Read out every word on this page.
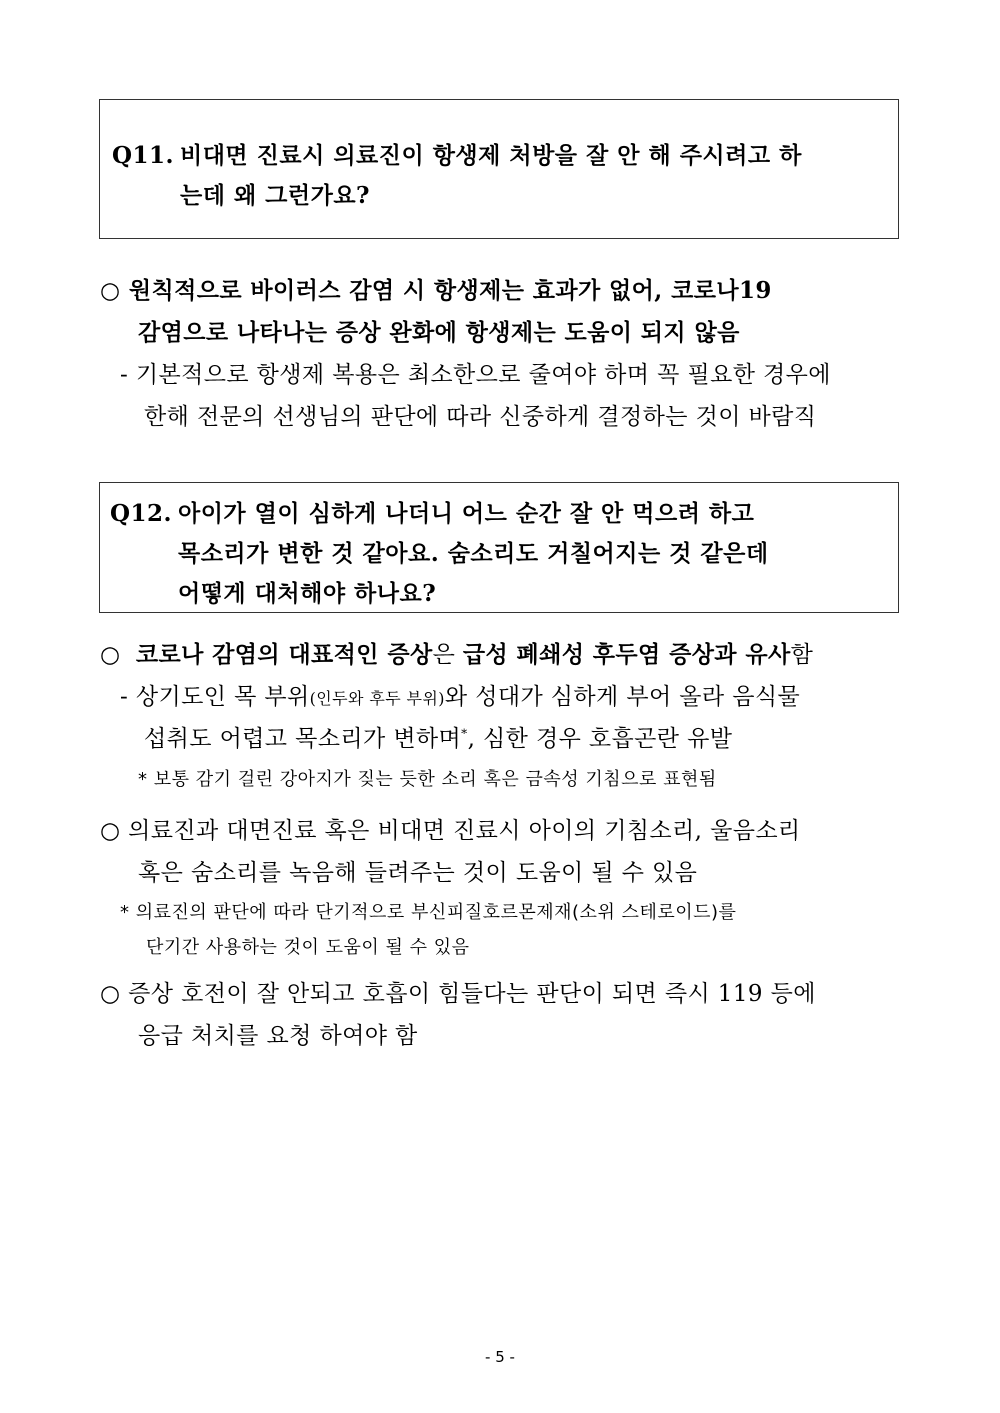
Q11. 비대면 진료시 의료진이 항생제 처방을 잘 안 해 주시려고 하
는데 왜 그런가요?
○ 원칙적으로 바이러스 감염 시 항생제는 효과가 없어, 코로나19
감염으로 나타나는 증상 완화에 항생제는 도움이 되지 않음
- 기본적으로 항생제 복용은 최소한으로 줄여야 하며 꼭 필요한 경우에
한해 전문의 선생님의 판단에 따라 신중하게 결정하는 것이 바람직
Q12. 아이가 열이 심하게 나더니 어느 순간 잘 안 먹으려 하고
목소리가 변한 것 같아요. 숨소리도 거칠어지는 것 같은데
어떻게 대처해야 하나요?
○ 코로나 감염의 대표적인 증상은 급성 폐쇄성 후두염 증상과 유사함
- 상기도인 목 부위(인두와 후두 부위)와 성대가 심하게 부어 올라 음식물
섭취도 어렵고 목소리가 변하며*, 심한 경우 호흡곤란 유발
* 보통 감기 걸린 강아지가 짖는 듯한 소리 혹은 금속성 기침으로 표현됨
○ 의료진과 대면진료 혹은 비대면 진료시 아이의 기침소리, 울음소리
혹은 숨소리를 녹음해 들려주는 것이 도움이 될 수 있음
* 의료진의 판단에 따라 단기적으로 부신피질호르몬제재(소위 스테로이드)를
단기간 사용하는 것이 도움이 될 수 있음
○ 증상 호전이 잘 안되고 호흡이 힘들다는 판단이 되면 즉시 119 등에
응급 처치를 요청 하여야 함
- 5 -
